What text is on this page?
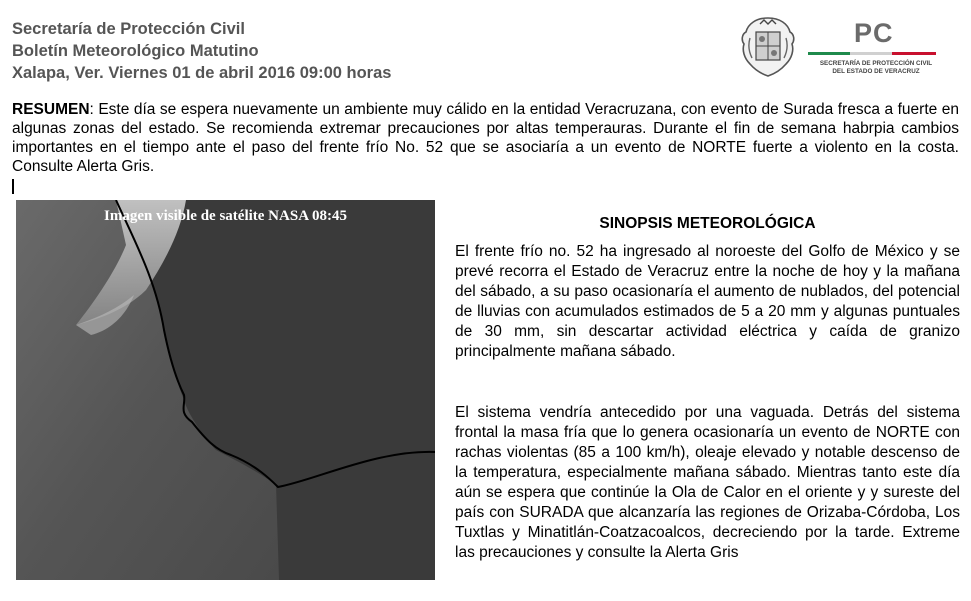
Secretaría de Protección Civil
Boletín Meteorológico Matutino
Xalapa, Ver. Viernes 01 de abril 2016 09:00 horas
PC
SECRETARÍA DE PROTECCIÓN CIVIL
DEL ESTADO DE VERACRUZ
RESUMEN: Este día se espera nuevamente un ambiente muy cálido en la entidad Veracruzana, con evento de Surada fresca a fuerte en algunas zonas del estado. Se recomienda extremar precauciones por altas temperauras. Durante el fin de semana habrpia cambios importantes en el tiempo ante el paso del frente frío No. 52 que se asociaría a un evento de NORTE fuerte a violento en la costa. Consulte Alerta Gris.
Imagen visible de satélite NASA 08:45	SINOPSIS METEOROLÓGICA

El frente frío no. 52 ha ingresado al noroeste del Golfo de México y se prevé recorra el Estado de Veracruz entre la noche de hoy y la mañana del sábado, a su paso ocasionaría el aumento de nublados, del potencial de lluvias con acumulados estimados de 5 a 20 mm y algunas puntuales de 30 mm, sin descartar actividad eléctrica y caída de granizo principalmente mañana sábado.

El sistema vendría antecedido por una vaguada. Detrás del sistema frontal la masa fría que lo genera ocasionaría un evento de NORTE con rachas violentas (85 a 100 km/h), oleaje elevado y notable descenso de la temperatura, especialmente mañana sábado. Mientras tanto este día aún se espera que continúe la Ola de Calor en el oriente y y sureste del país con SURADA que alcanzaría las regiones de Orizaba-Córdoba, Los Tuxtlas y Minatitlán-Coatzacoalcos, decreciendo por la tarde. Extreme las precauciones y consulte la Alerta Gris
